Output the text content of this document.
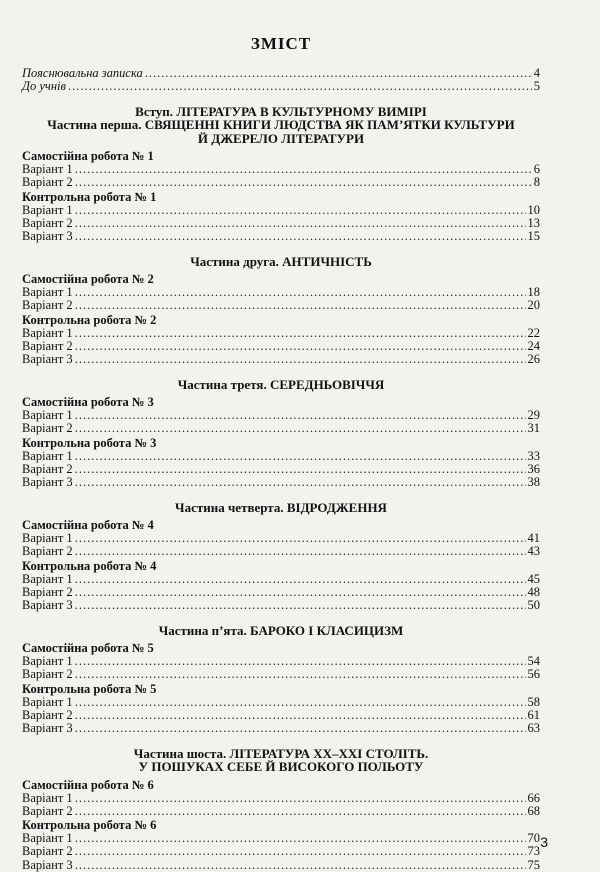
ЗМІСТ
Пояснювальна записка .....	4
До учнів .....	5
Вступ. ЛІТЕРАТУРА В КУЛЬТУРНОМУ ВИМІРІ
Частина перша. СВЯЩЕННІ КНИГИ ЛЮДСТВА ЯК ПАМ’ЯТКИ КУЛЬТУРИ
Й ДЖЕРЕЛО ЛІТЕРАТУРИ
Самостійна робота № 1
Варіант 1 .....	6
Варіант 2 .....	8
Контрольна робота № 1
Варіант 1 .....	10
Варіант 2 .....	13
Варіант 3 .....	15
Частина друга. АНТИЧНІСТЬ
Самостійна робота № 2
Варіант 1 .....	18
Варіант 2 .....	20
Контрольна робота № 2
Варіант 1 .....	22
Варіант 2 .....	24
Варіант 3 .....	26
Частина третя. СЕРЕДНЬОВІЧЧЯ
Самостійна робота № 3
Варіант 1 .....	29
Варіант 2 .....	31
Контрольна робота № 3
Варіант 1 .....	33
Варіант 2 .....	36
Варіант 3 .....	38
Частина четверта. ВІДРОДЖЕННЯ
Самостійна робота № 4
Варіант 1 .....	41
Варіант 2 .....	43
Контрольна робота № 4
Варіант 1 .....	45
Варіант 2 .....	48
Варіант 3 .....	50
Частина п’ята. БАРОКО І КЛАСИЦИЗМ
Самостійна робота № 5
Варіант 1 .....	54
Варіант 2 .....	56
Контрольна робота № 5
Варіант 1 .....	58
Варіант 2 .....	61
Варіант 3 .....	63
Частина шоста. ЛІТЕРАТУРА XX–XXI СТОЛІТЬ.
У ПОШУКАХ СЕБЕ Й ВИСОКОГО ПОЛЬОТУ
Самостійна робота № 6
Варіант 1 .....	66
Варіант 2 .....	68
Контрольна робота № 6
Варіант 1 .....	70
Варіант 2 .....	73
Варіант 3 .....	75
3
